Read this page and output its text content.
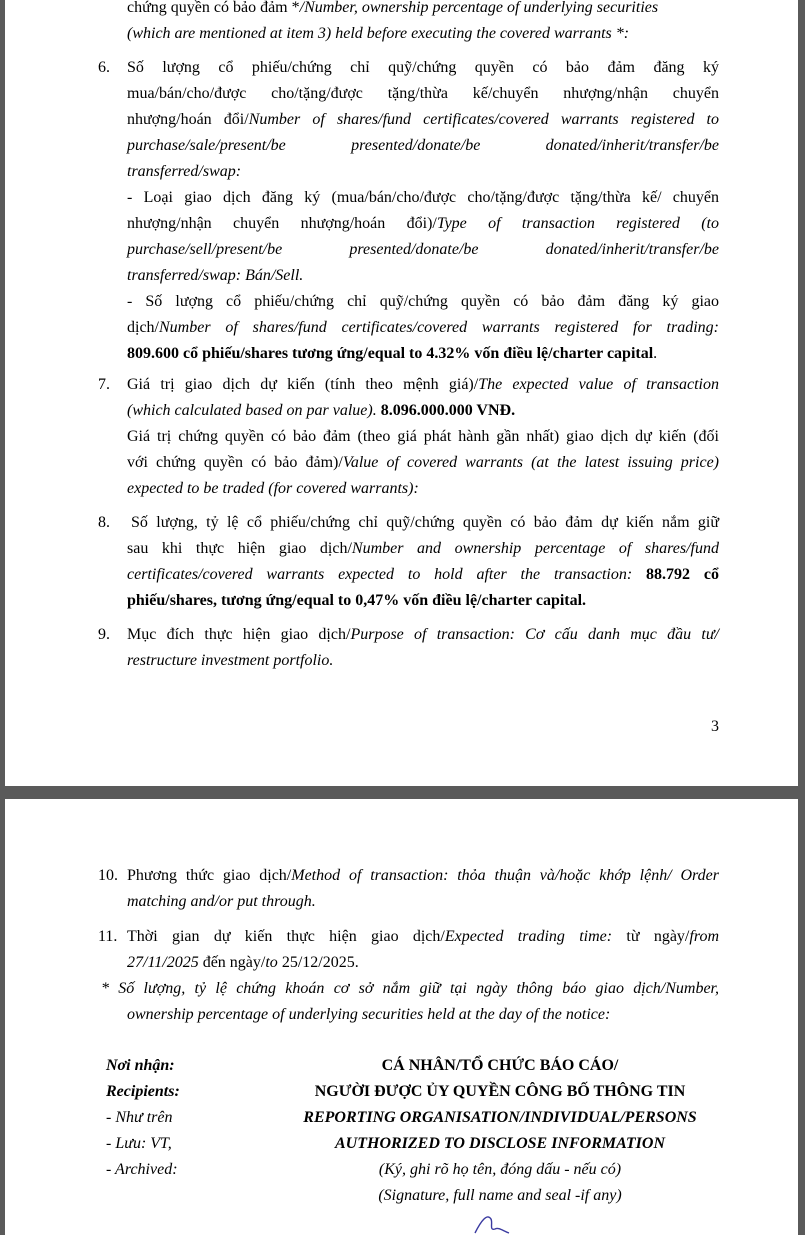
chứng quyền có bảo đảm */Number, ownership percentage of underlying securities
(which are mentioned at item 3) held before executing the covered warrants *:
6. Số lượng cổ phiếu/chứng chỉ quỹ/chứng quyền có bảo đảm đăng ký
mua/bán/cho/được cho/tặng/được tặng/thừa kế/chuyển nhượng/nhận chuyển
nhượng/hoán đổi/Number of shares/fund certificates/covered warrants registered to
purchase/sale/present/be presented/donate/be donated/inherit/transfer/be
transferred/swap:
- Loại giao dịch đăng ký (mua/bán/cho/được cho/tặng/được tặng/thừa kế/ chuyển
nhượng/nhận chuyển nhượng/hoán đổi)/Type of transaction registered (to
purchase/sell/present/be presented/donate/be donated/inherit/transfer/be
transferred/swap: Bán/Sell.
- Số lượng cổ phiếu/chứng chỉ quỹ/chứng quyền có bảo đảm đăng ký giao
dịch/Number of shares/fund certificates/covered warrants registered for trading:
809.600 cổ phiếu/shares tương ứng/equal to 4.32% vốn điều lệ/charter capital.
7. Giá trị giao dịch dự kiến (tính theo mệnh giá)/The expected value of transaction
(which calculated based on par value). 8.096.000.000 VNĐ.
Giá trị chứng quyền có bảo đảm (theo giá phát hành gần nhất) giao dịch dự kiến (đối
với chứng quyền có bảo đảm)/Value of covered warrants (at the latest issuing price)
expected to be traded (for covered warrants):
8. Số lượng, tỷ lệ cổ phiếu/chứng chỉ quỹ/chứng quyền có bảo đảm dự kiến nắm giữ
sau khi thực hiện giao dịch/Number and ownership percentage of shares/fund
certificates/covered warrants expected to hold after the transaction: 88.792 cổ
phiếu/shares, tương ứng/equal to 0,47% vốn điều lệ/charter capital.
9. Mục đích thực hiện giao dịch/Purpose of transaction: Cơ cấu danh mục đầu tư/
restructure investment portfolio.
3
10. Phương thức giao dịch/Method of transaction: thỏa thuận và/hoặc khớp lệnh/ Order
matching and/or put through.
11. Thời gian dự kiến thực hiện giao dịch/Expected trading time: từ ngày/from
27/11/2025 đến ngày/to 25/12/2025.
* Số lượng, tỷ lệ chứng khoán cơ sở nắm giữ tại ngày thông báo giao dịch/Number,
ownership percentage of underlying securities held at the day of the notice:
Nơi nhận:
Recipients:
- Như trên
- Lưu: VT,
- Archived:
CÁ NHÂN/TỔ CHỨC BÁO CÁO/
NGƯỜI ĐƯỢC ỦY QUYỀN CÔNG BỐ THÔNG TIN
REPORTING ORGANISATION/INDIVIDUAL/PERSONS
AUTHORIZED TO DISCLOSE INFORMATION
(Ký, ghi rõ họ tên, đóng dấu - nếu có)
(Signature, full name and seal -if any)
